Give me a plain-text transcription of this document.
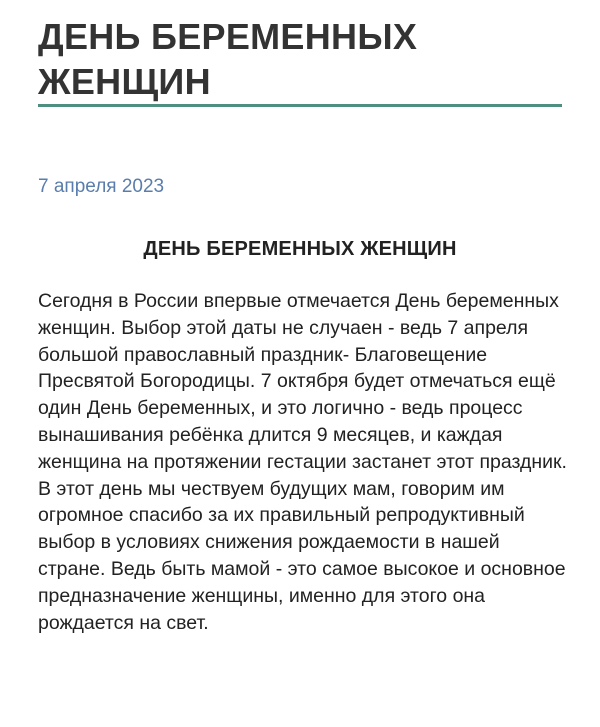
ДЕНЬ БЕРЕМЕННЫХ ЖЕНЩИН
7 апреля 2023
ДЕНЬ БЕРЕМЕННЫХ ЖЕНЩИН

Сегодня в России впервые отмечается День беременных женщин. Выбор этой даты не случаен - ведь 7 апреля большой православный праздник- Благовещение Пресвятой Богородицы. 7 октября будет отмечаться ещё один День беременных, и это логично - ведь процесс вынашивания ребёнка длится 9 месяцев, и каждая женщина на протяжении гестации застанет этот праздник.

В этот день мы чествуем будущих мам, говорим им огромное спасибо за их правильный репродуктивный выбор в условиях снижения рождаемости в нашей стране. Ведь быть мамой - это самое высокое и основное предназначение женщины, именно для этого она рождается на свет.
